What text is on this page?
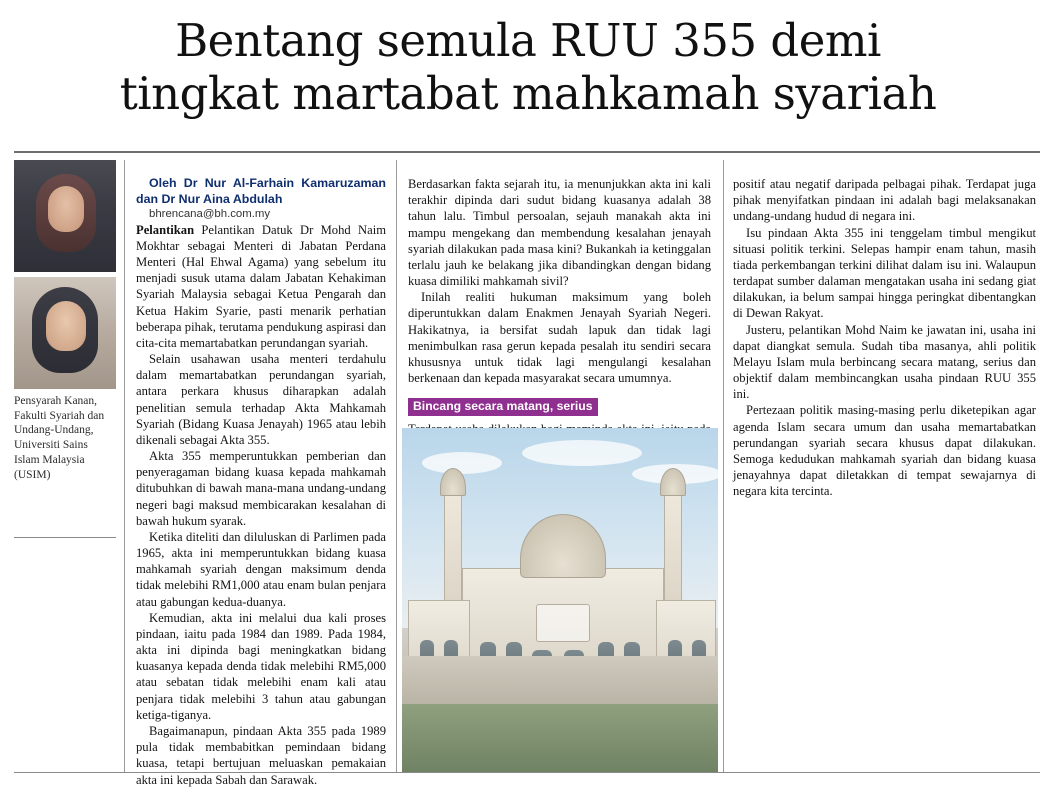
Bentang semula RUU 355 demi
tingkat martabat mahkamah syariah
Pensyarah Kanan, Fakulti Syariah dan Undang-Undang, Universiti Sains Islam Malaysia (USIM)

Oleh Dr Nur Al-Farhain Kamaruzaman dan Dr Nur Aina Abdulah

bhrencana@bh.com.my

Pelantikan Pelantikan Datuk Dr Mohd Naim Mokhtar sebagai Menteri di Jabatan Perdana Menteri (Hal Ehwal Agama) yang sebelum itu menjadi susuk utama dalam Jabatan Kehakiman Syariah Malaysia sebagai Ketua Pengarah dan Ketua Hakim Syarie, pasti menarik perhatian beberapa pihak, terutama pendukung aspirasi dan cita-cita memartabatkan perundangan syariah.

Selain usahawan usaha menteri terdahulu dalam memartabatkan perundangan syariah, antara perkara khusus diharapkan adalah penelitian semula terhadap Akta Mahkamah Syariah (Bidang Kuasa Jenayah) 1965 atau lebih dikenali sebagai Akta 355.

Akta 355 memperuntukkan pemberian dan penyeragaman bidang kuasa kepada mahkamah ditubuhkan di bawah mana-mana undang-undang negeri bagi maksud membicarakan kesalahan di bawah hukum syarak.

Ketika diteliti dan diluluskan di Parlimen pada 1965, akta ini memperuntukkan bidang kuasa mahkamah syariah dengan maksimum denda tidak melebihi RM1,000 atau enam bulan penjara atau gabungan kedua-duanya.

Kemudian, akta ini melalui dua kali proses pindaan, iaitu pada 1984 dan 1989. Pada 1984, akta ini dipinda bagi meningkatkan bidang kuasanya kepada denda tidak melebihi RM5,000 atau sebatan tidak melebihi enam kali atau penjara tidak melebihi 3 tahun atau gabungan ketiga-tiganya.

Bagaimanapun, pindaan Akta 355 pada 1989 pula tidak membabitkan pemindaan bidang kuasa, tetapi bertujuan meluaskan pemakaian akta ini kepada Sabah dan Sarawak.

Berdasarkan fakta sejarah itu, ia menunjukkan akta ini kali terakhir dipinda dari sudut bidang kuasanya adalah 38 tahun lalu. Timbul persoalan, sejauh manakah akta ini mampu mengekang dan membendung kesalahan jenayah syariah dilakukan pada masa kini? Bukankah ia ketinggalan terlalu jauh ke belakang jika dibandingkan dengan bidang kuasa dimiliki mahkamah sivil?

Inilah realiti hukuman maksimum yang boleh diperuntukkan dalam Enakmen Jenayah Syariah Negeri. Hakikatnya, ia bersifat sudah lapuk dan tidak lagi menimbulkan rasa gerun kepada pesalah itu sendiri secara khususnya untuk tidak lagi mengulangi kesalahan berkenaan dan kepada masyarakat secara umumnya.

Bincang secara matang, serius

positif atau negatif daripada pelbagai pihak. Terdapat juga pihak menyifatkan pindaan ini adalah bagi melaksanakan undang-undang hudud di negara ini.

Isu pindaan Akta 355 ini tenggelam timbul mengikut situasi politik terkini. Selepas hampir enam tahun, masih tiada perkembangan terkini dilihat dalam isu ini. Walaupun terdapat sumber dalaman mengatakan usaha ini sedang giat dilakukan, ia belum sampai hingga peringkat dibentangkan di Dewan Rakyat.

Justeru, pelantikan Mohd Naim ke jawatan ini, usaha ini dapat diangkat semula. Sudah tiba masanya, ahli politik Melayu Islam mula berbincang secara matang, serius dan objektif dalam membincangkan usaha pindaan RUU 355 ini.

Pertezaan politik masing-masing perlu diketepikan agar agenda Islam secara umum dan usaha memartabatkan perundangan syariah secara khusus dapat dilakukan. Semoga kedudukan mahkamah syariah dan bidang kuasa jenayahnya dapat diletakkan di tempat sewajarnya di negara kita tercinta.
